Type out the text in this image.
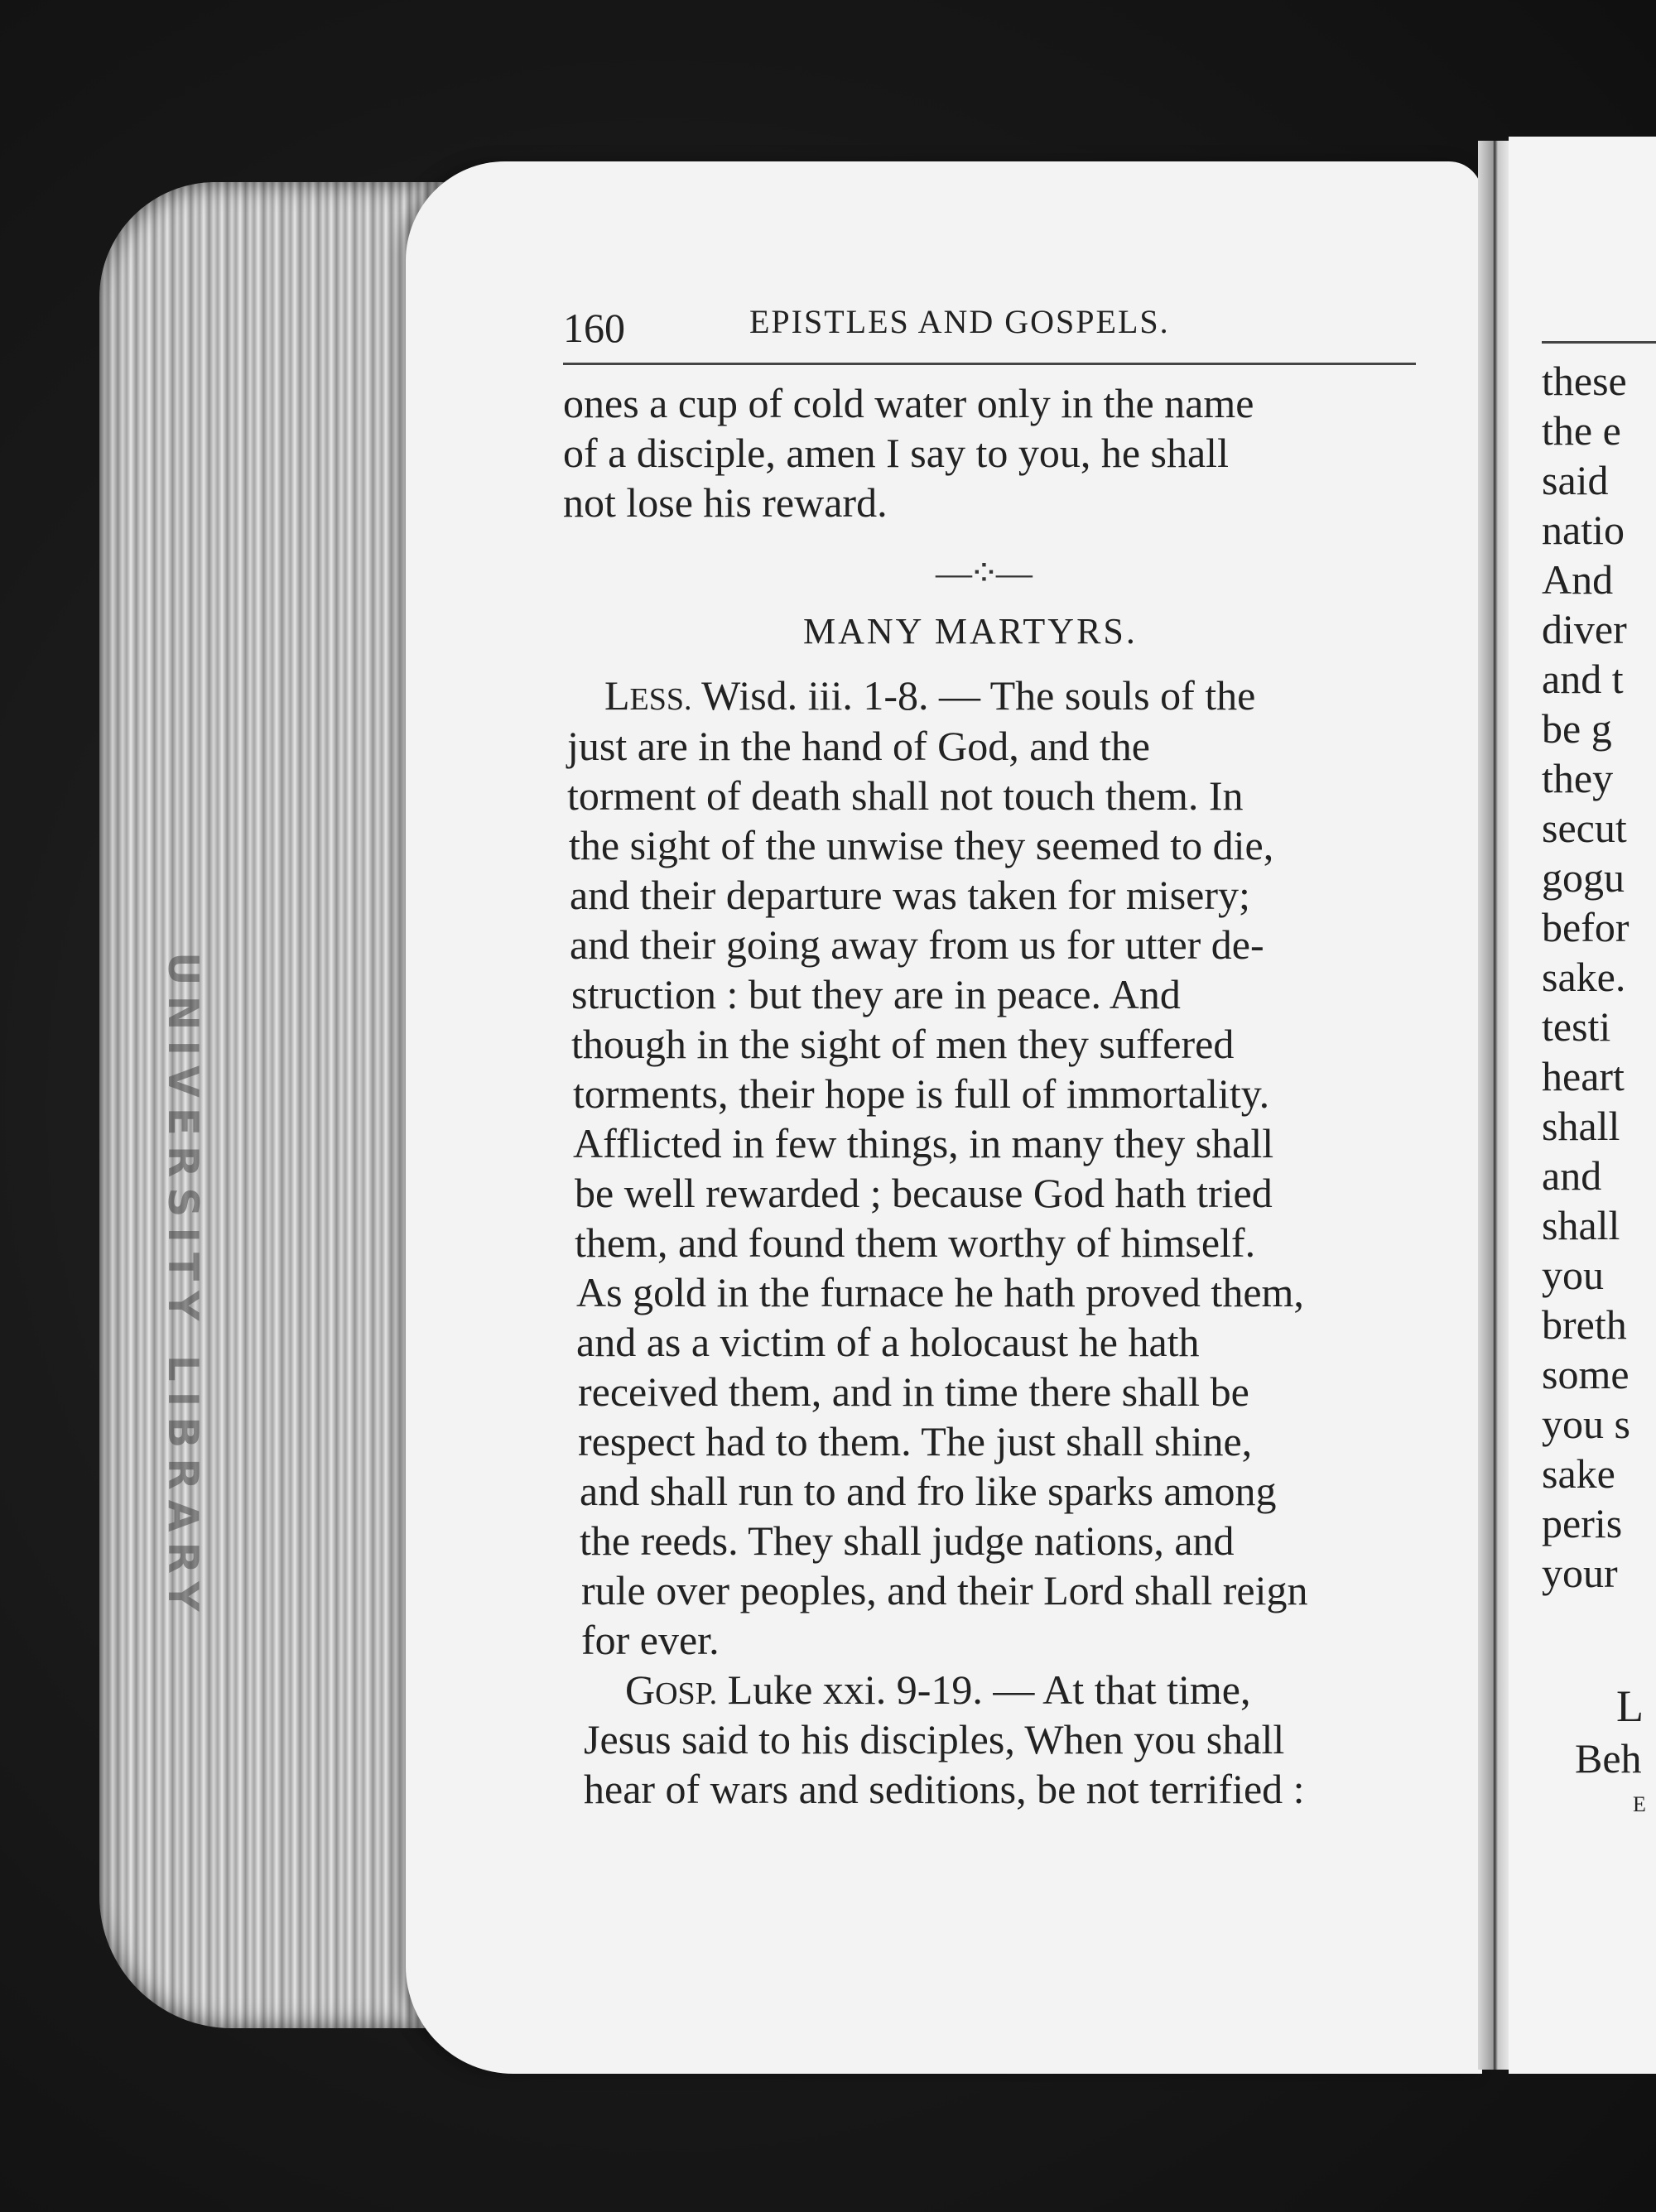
UNIVERSITY LIBRARY
160	EPISTLES AND GOSPELS.
ones a cup of cold water only in the name
of a disciple, amen I say to you, he shall
not lose his reward.
—⁘—
MANY MARTYRS.
LESS. Wisd. iii. 1-8. — The souls of the
just are in the hand of God, and the
torment of death shall not touch them. In
the sight of the unwise they seemed to die,
and their departure was taken for misery;
and their going away from us for utter de-
struction : but they are in peace. And
though in the sight of men they suffered
torments, their hope is full of immortality.
Afflicted in few things, in many they shall
be well rewarded ; because God hath tried
them, and found them worthy of himself.
As gold in the furnace he hath proved them,
and as a victim of a holocaust he hath
received them, and in time there shall be
respect had to them. The just shall shine,
and shall run to and fro like sparks among
the reeds. They shall judge nations, and
rule over peoples, and their Lord shall reign
for ever.
GOSP. Luke xxi. 9-19. — At that time,
Jesus said to his disciples, When you shall
hear of wars and seditions, be not terrified :
these
the e
said
natio
And
diver
and t
be g
they
secut
gogu
befor
sake.
testi
heart
shall
and
shall
you
breth
some
you s
sake
peris
your
L
Beh
E
